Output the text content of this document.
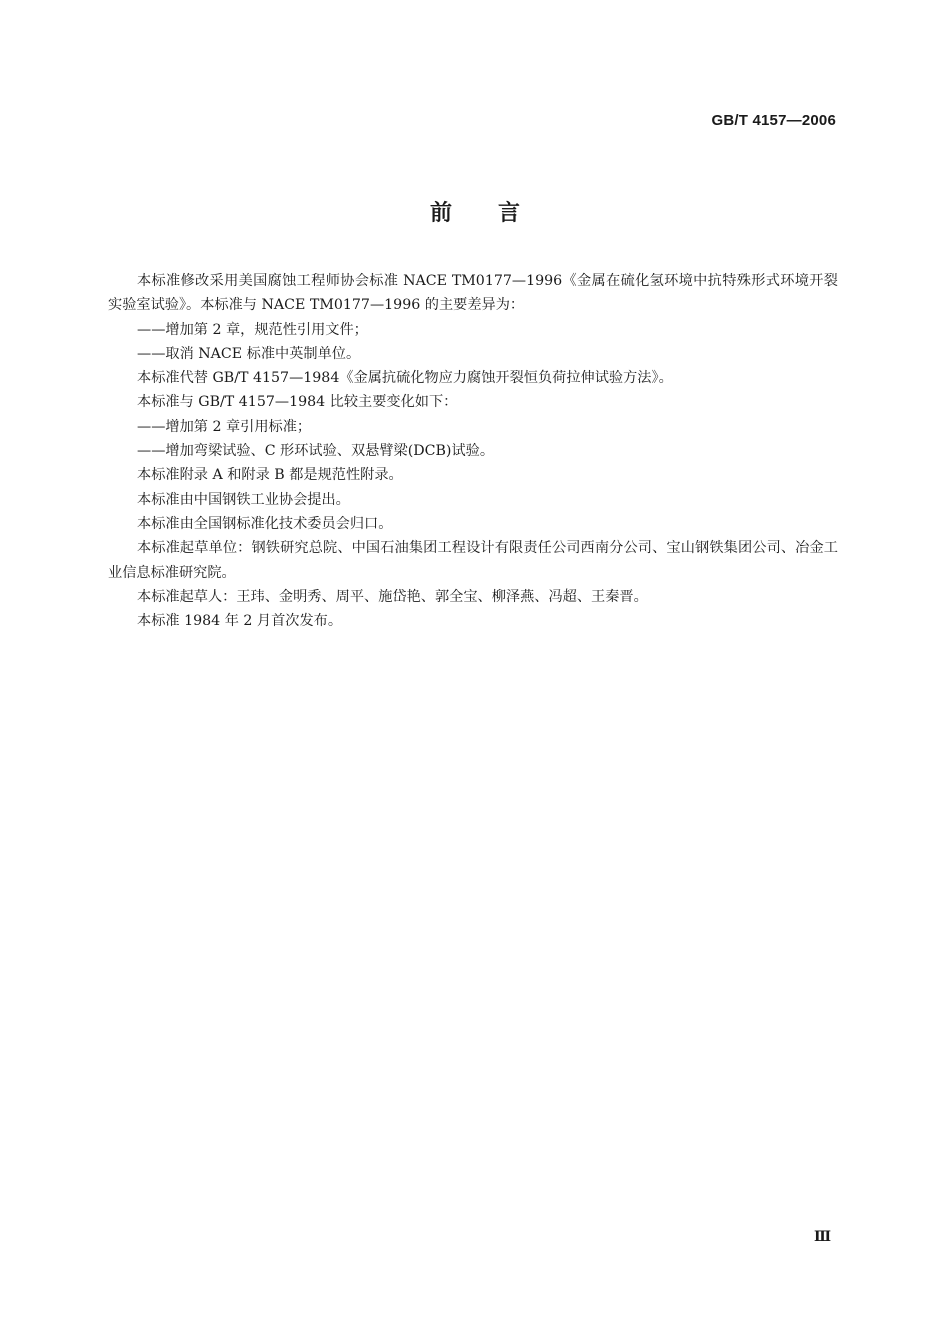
GB/T 4157—2006
前言

本标准修改采用美国腐蚀工程师协会标准 NACE TM0177—1996《金属在硫化氢环境中抗特殊形式环境开裂实验室试验》。本标准与 NACE TM0177—1996 的主要差异为：

——增加第 2 章，规范性引用文件；

——取消 NACE 标准中英制单位。

本标准代替 GB/T 4157—1984《金属抗硫化物应力腐蚀开裂恒负荷拉伸试验方法》。

本标准与 GB/T 4157—1984 比较主要变化如下：

——增加第 2 章引用标准；

——增加弯梁试验、C 形环试验、双悬臂梁(DCB)试验。

本标准附录 A 和附录 B 都是规范性附录。

本标准由中国钢铁工业协会提出。

本标准由全国钢标准化技术委员会归口。

本标准起草单位：钢铁研究总院、中国石油集团工程设计有限责任公司西南分公司、宝山钢铁集团公司、冶金工业信息标准研究院。

本标准起草人：王玮、金明秀、周平、施岱艳、郭全宝、柳泽燕、冯超、王秦晋。

本标准 1984 年 2 月首次发布。

Ⅲ
